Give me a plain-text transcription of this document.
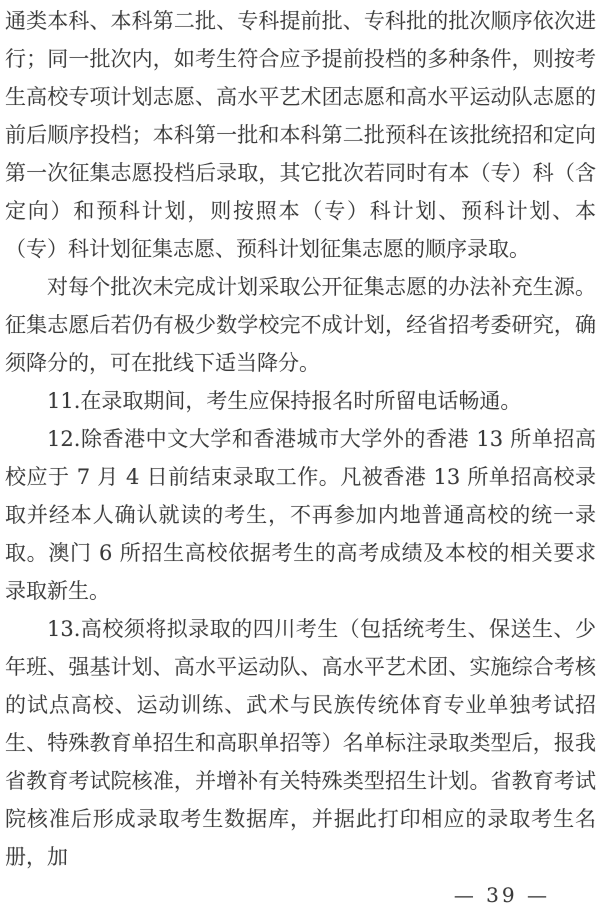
通类本科、本科第二批、专科提前批、专科批的批次顺序依次进行；同一批次内，如考生符合应予提前投档的多种条件，则按考生高校专项计划志愿、高水平艺术团志愿和高水平运动队志愿的前后顺序投档；本科第一批和本科第二批预科在该批统招和定向第一次征集志愿投档后录取，其它批次若同时有本（专）科（含定向）和预科计划，则按照本（专）科计划、预科计划、本（专）科计划征集志愿、预科计划征集志愿的顺序录取。

对每个批次未完成计划采取公开征集志愿的办法补充生源。征集志愿后若仍有极少数学校完不成计划，经省招考委研究，确须降分的，可在批线下适当降分。

11.在录取期间，考生应保持报名时所留电话畅通。

12.除香港中文大学和香港城市大学外的香港 13 所单招高校应于 7 月 4 日前结束录取工作。凡被香港 13 所单招高校录取并经本人确认就读的考生，不再参加内地普通高校的统一录取。澳门 6 所招生高校依据考生的高考成绩及本校的相关要求录取新生。

13.高校须将拟录取的四川考生（包括统考生、保送生、少年班、强基计划、高水平运动队、高水平艺术团、实施综合考核的试点高校、运动训练、武术与民族传统体育专业单独考试招生、特殊教育单招生和高职单招等）名单标注录取类型后，报我省教育考试院核准，并增补有关特殊类型招生计划。省教育考试院核准后形成录取考生数据库，并据此打印相应的录取考生名册，加

— 39 —
